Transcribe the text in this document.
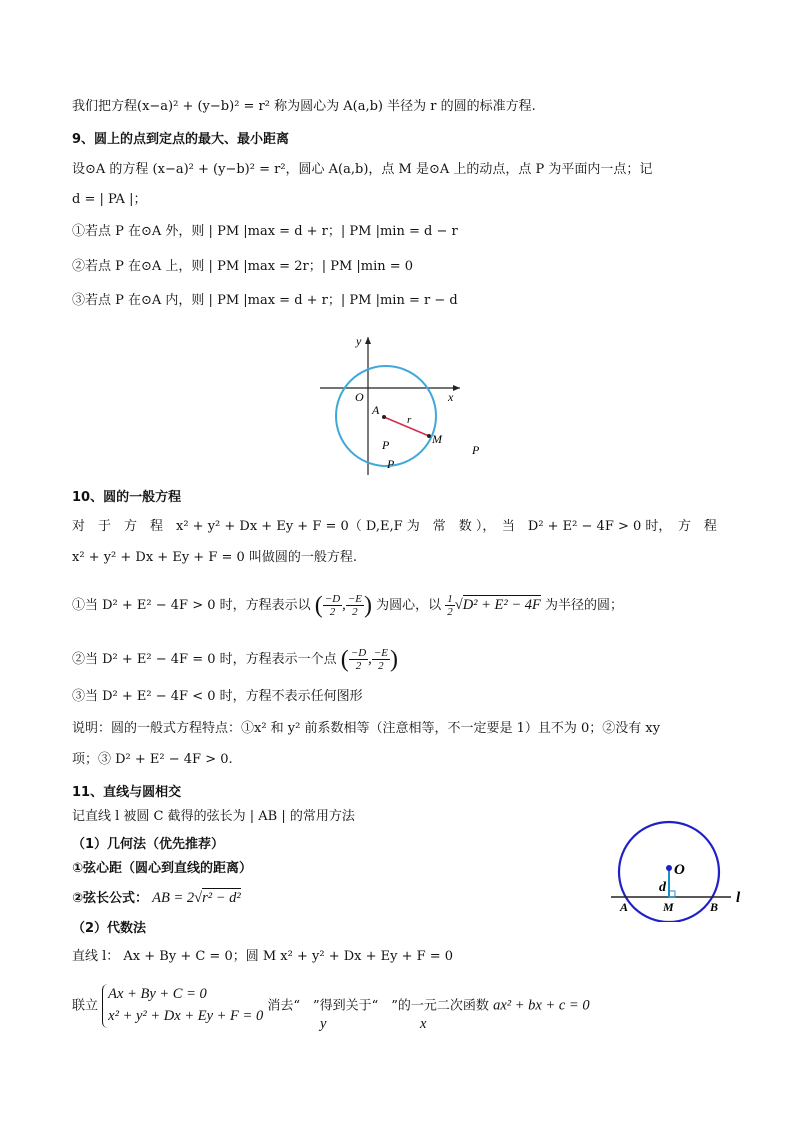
我们把方程(x−a)² + (y−b)² = r² 称为圆心为 A(a,b) 半径为 r 的圆的标准方程.
9、圆上的点到定点的最大、最小距离
设⊙A 的方程 (x−a)² + (y−b)² = r²，圆心 A(a,b)，点 M 是⊙A 上的动点，点 P 为平面内一点；记
d = | PA |；
①若点 P 在⊙A 外，则 | PM |max = d + r；| PM |min = d − r
②若点 P 在⊙A 上，则 | PM |max = 2r；| PM |min = 0
③若点 P 在⊙A 内，则 | PM |max = d + r；| PM |min = r − d
y
x
O
A
r
M
P
P
P
10、圆的一般方程
对　于　方　程　x² + y² + Dx + Ey + F = 0（ D,E,F 为　常　数 ），　当　D² + E² − 4F > 0 时，　方　程
x² + y² + Dx + Ey + F = 0 叫做圆的一般方程.
①当 D² + E² − 4F > 0 时，方程表示以 ( $\frac{-D}{2}$ , $\frac{-E}{2}$ ) 为圆心，以 $\frac{1}{2} √D^2 + E^2 - 4F$ 为半径的圆；
②当 D² + E² − 4F = 0 时，方程表示一个点 ( $\frac{-D}{2}$ , $\frac{-E}{2}$ )
③当 D² + E² − 4F < 0 时，方程不表示任何图形
说明：圆的一般式方程特点：①x² 和 y² 前系数相等（注意相等，不一定要是 1）且不为 0；②没有 xy
项；③ D² + E² − 4F > 0.
11、直线与圆相交
记直线 l 被圆 C 截得的弦长为 | AB | 的常用方法
（1）几何法（优先推荐）
①弦心距（圆心到直线的距离）
②弦长公式： AB = 2√r² − d²
（2）代数法
直线 l： Ax + By + C = 0；圆 M x² + y² + Dx + Ey + F = 0
联立
Ax + By + C = 0
x² + y² + Dx + Ey + F = 0
消去“　”得到关于“　”的一元二次函数 ax² + bx + c = 0
y	x
O
d
l
A	M	B
